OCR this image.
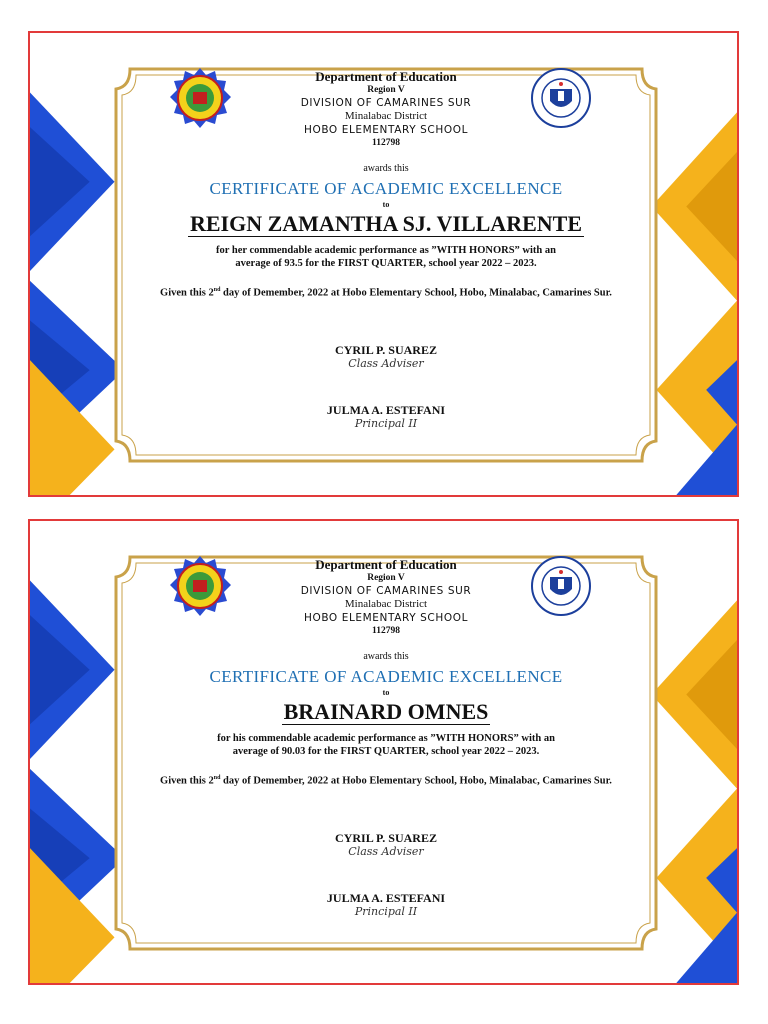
Department of Education
Region V
DIVISION OF CAMARINES SUR
Minalabac District
HOBO ELEMENTARY SCHOOL
112798
awards this
CERTIFICATE OF ACADEMIC EXCELLENCE
to
REIGN ZAMANTHA SJ. VILLARENTE
for her commendable academic performance as ”WITH HONORS” with an
average of 93.5 for the FIRST QUARTER, school year 2022 – 2023.
Given this 2nd day of Demember, 2022 at Hobo Elementary School, Hobo, Minalabac, Camarines Sur.
CYRIL P. SUAREZ
Class Adviser
JULMA A. ESTEFANI
Principal II
Department of Education
Region V
DIVISION OF CAMARINES SUR
Minalabac District
HOBO ELEMENTARY SCHOOL
112798
awards this
CERTIFICATE OF ACADEMIC EXCELLENCE
to
BRAINARD OMNES
for his commendable academic performance as ”WITH HONORS” with an
average of 90.03 for the FIRST QUARTER, school year 2022 – 2023.
Given this 2nd day of Demember, 2022 at Hobo Elementary School, Hobo, Minalabac, Camarines Sur.
CYRIL P. SUAREZ
Class Adviser
JULMA A. ESTEFANI
Principal II
